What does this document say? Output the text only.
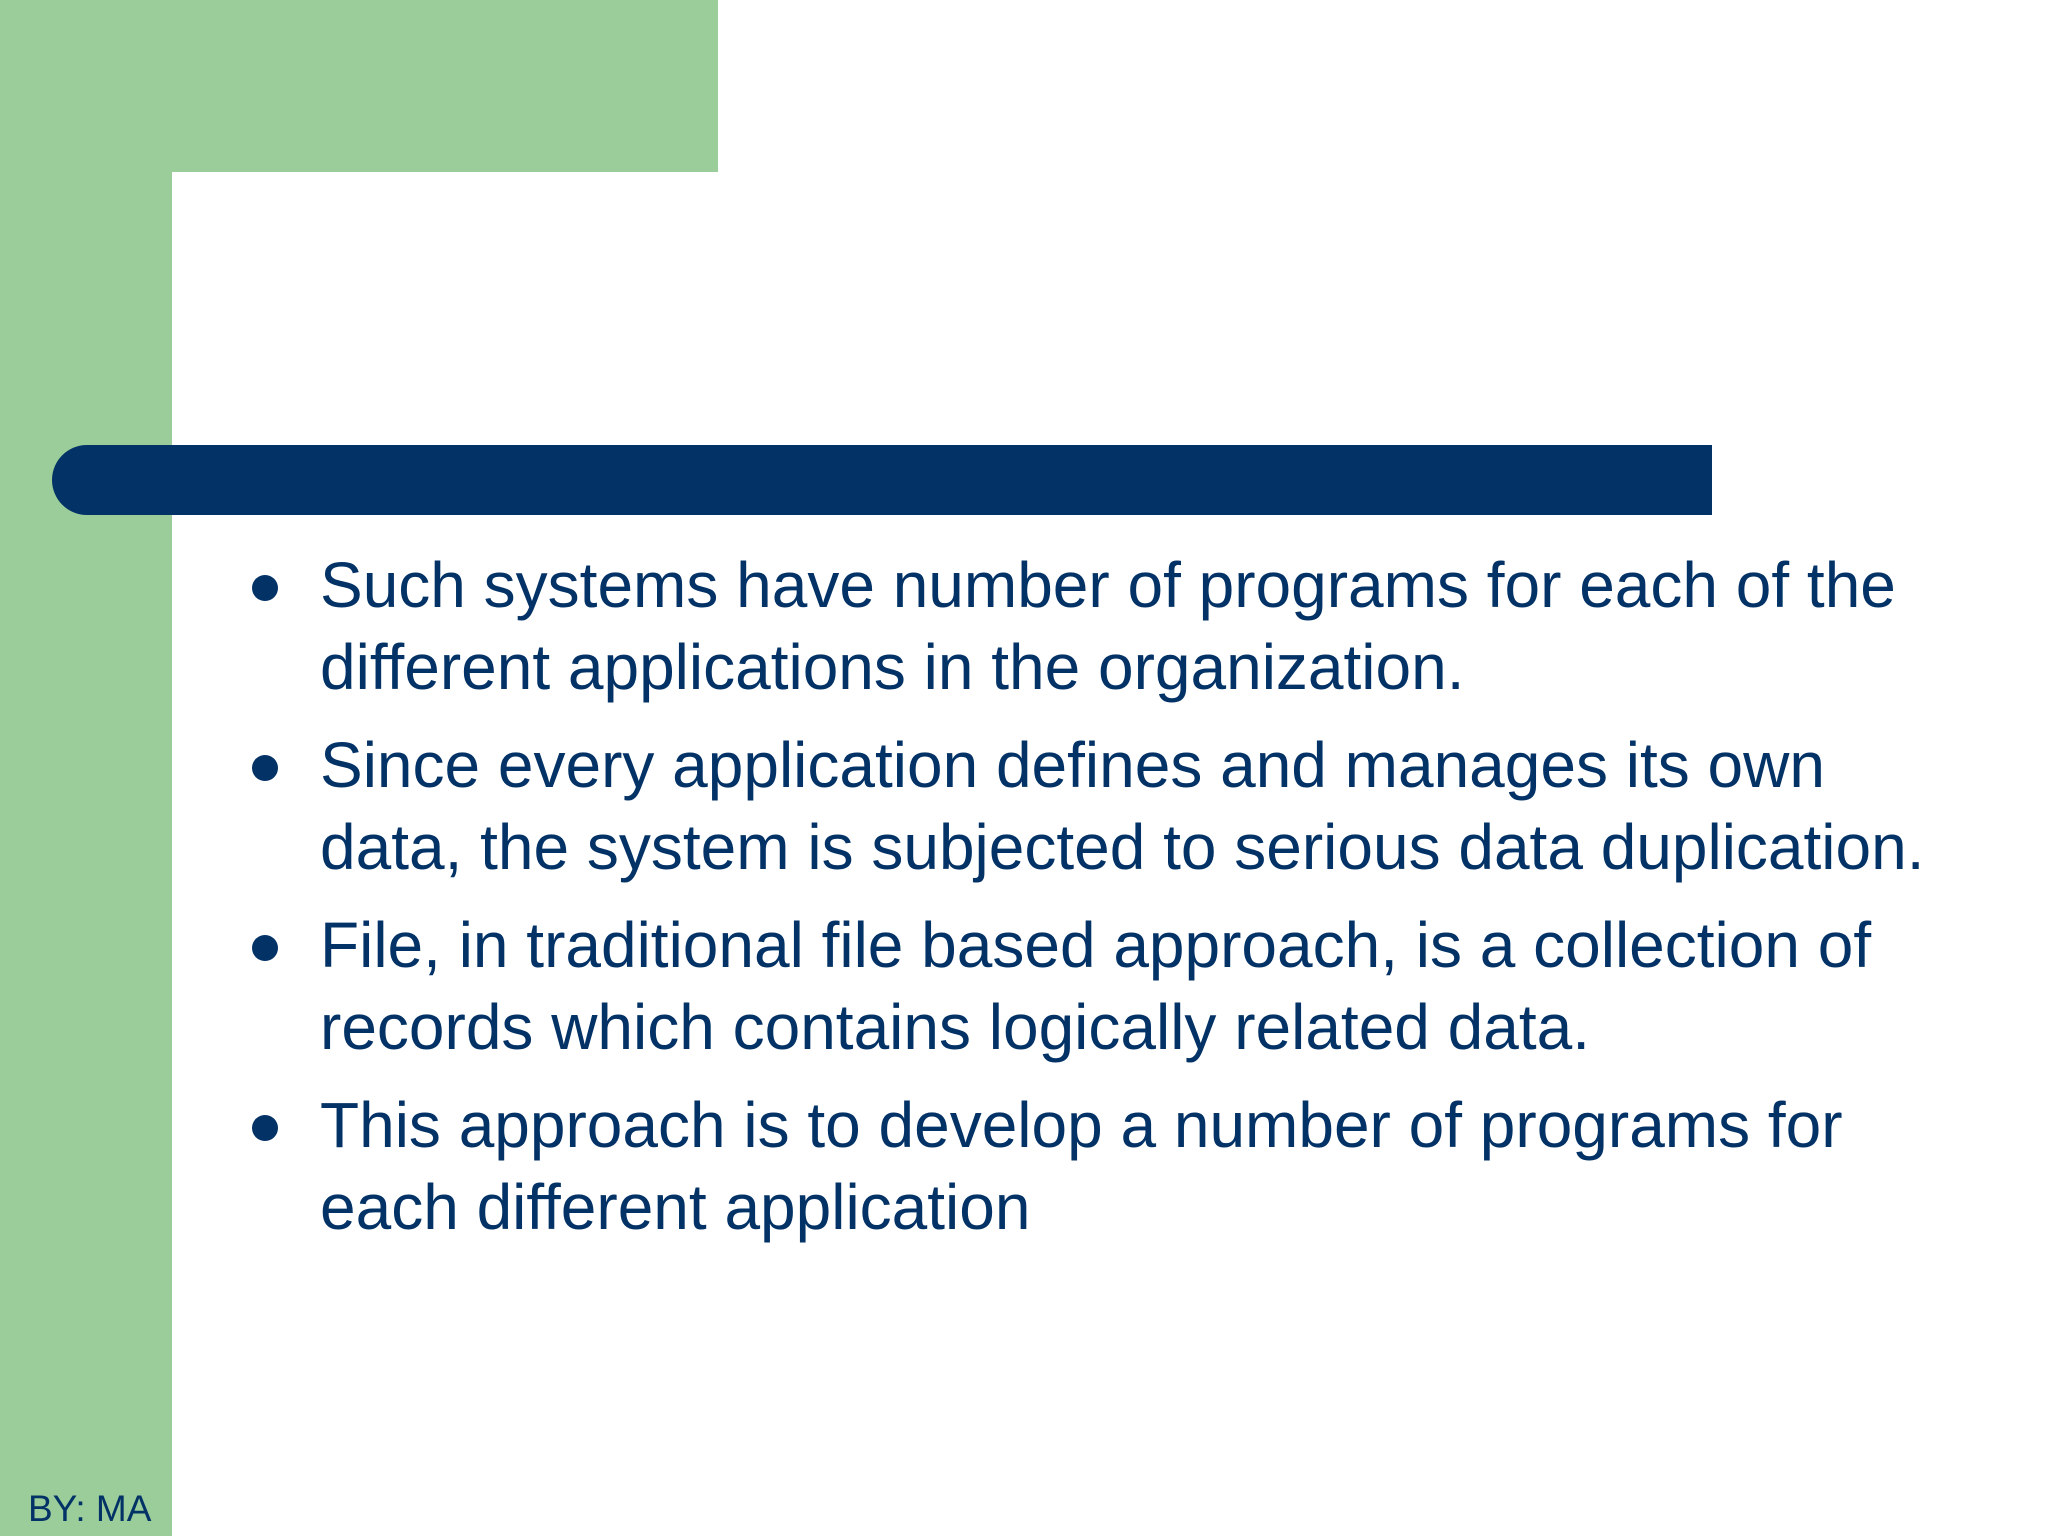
Such systems have number of programs for each of the different applications in the organization.
Since every application defines and manages its own data, the system is subjected to serious data duplication.
File, in traditional file based approach, is a collection of records which contains logically related data.
This approach is to develop a number of programs for each different application
BY: MA
